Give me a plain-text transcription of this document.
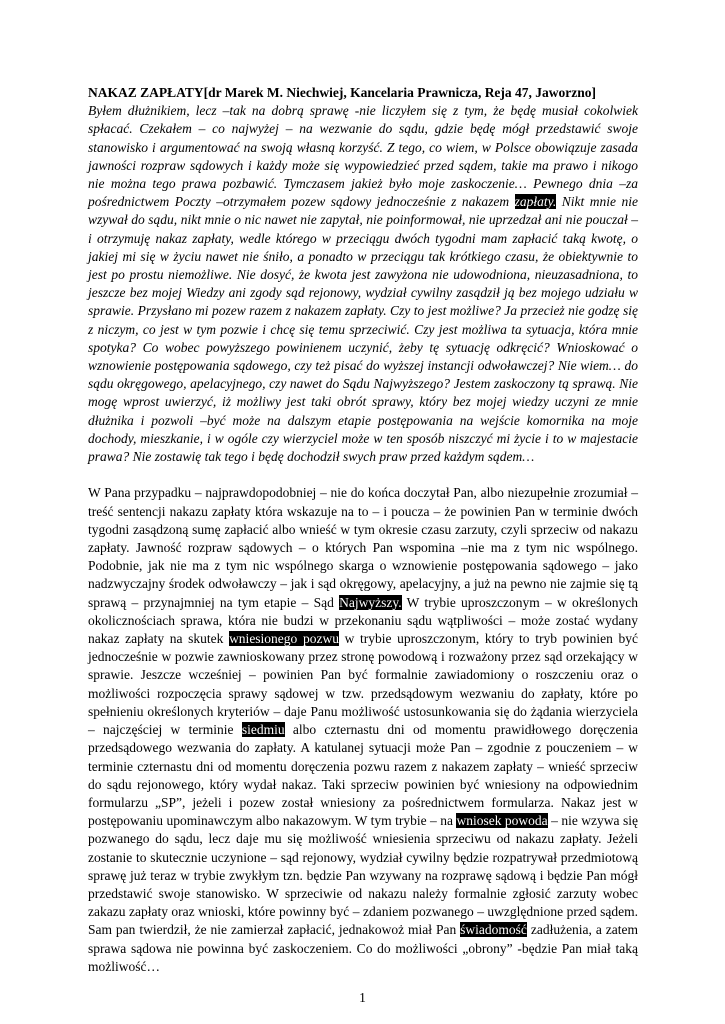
NAKAZ ZAPŁATY[dr Marek M. Niechwiej, Kancelaria Prawnicza, Reja 47, Jaworzno]

Byłem dłużnikiem, lecz –tak na dobrą sprawę -nie liczyłem się z tym, że będę musiał cokolwiek spłacać. Czekałem – co najwyżej – na wezwanie do sądu, gdzie będę mógł przedstawić swoje stanowisko i argumentować na swoją własną korzyść. Z tego, co wiem, w Polsce obowiązuje zasada jawności rozpraw sądowych i każdy może się wypowiedzieć przed sądem, takie ma prawo i nikogo nie można tego prawa pozbawić. Tymczasem jakież było moje zaskoczenie… Pewnego dnia –za pośrednictwem Poczty –otrzymałem pozew sądowy jednocześnie z nakazem zapłaty. Nikt mnie nie wzywał do sądu, nikt mnie o nic nawet nie zapytał, nie poinformował, nie uprzedzał ani nie pouczał – i otrzymuję nakaz zapłaty, wedle którego w przeciągu dwóch tygodni mam zapłacić taką kwotę, o jakiej mi się w życiu nawet nie śniło, a ponadto w przeciągu tak krótkiego czasu, że obiektywnie to jest po prostu niemożliwe. Nie dosyć, że kwota jest zawyżona nie udowodniona, nieuzasadniona, to jeszcze bez mojej Wiedzy ani zgody sąd rejonowy, wydział cywilny zasądził ją bez mojego udziału w sprawie. Przysłano mi pozew razem z nakazem zapłaty. Czy to jest możliwe? Ja przecież nie godzę się z niczym, co jest w tym pozwie i chcę się temu sprzeciwić. Czy jest możliwa ta sytuacja, która mnie spotyka? Co wobec powyższego powinienem uczynić, żeby tę sytuację odkręcić? Wnioskować o wznowienie postępowania sądowego, czy też pisać do wyższej instancji odwoławczej? Nie wiem… do sądu okręgowego, apelacyjnego, czy nawet do Sądu Najwyższego? Jestem zaskoczony tą sprawą. Nie mogę wprost uwierzyć, iż możliwy jest taki obrót sprawy, który bez mojej wiedzy uczyni ze mnie dłużnika i pozwoli –być może na dalszym etapie postępowania na wejście komornika na moje dochody, mieszkanie, i w ogóle czy wierzyciel może w ten sposób niszczyć mi życie i to w majestacie prawa? Nie zostawię tak tego i będę dochodził swych praw przed każdym sądem…

W Pana przypadku – najprawdopodobniej – nie do końca doczytał Pan, albo niezupełnie zrozumiał – treść sentencji nakazu zapłaty która wskazuje na to – i poucza – że powinien Pan w terminie dwóch tygodni zasądzoną sumę zapłacić albo wnieść w tym okresie czasu zarzuty, czyli sprzeciw od nakazu zapłaty. Jawność rozpraw sądowych – o których Pan wspomina –nie ma z tym nic wspólnego. Podobnie, jak nie ma z tym nic wspólnego skarga o wznowienie postępowania sądowego – jako nadzwyczajny środek odwoławczy – jak i sąd okręgowy, apelacyjny, a już na pewno nie zajmie się tą sprawą – przynajmniej na tym etapie – Sąd Najwyższy. W trybie uproszczonym – w określonych okolicznościach sprawa, która nie budzi w przekonaniu sądu wątpliwości – może zostać wydany nakaz zapłaty na skutek wniesionego pozwu w trybie uproszczonym, który to tryb powinien być jednocześnie w pozwie zawnioskowany przez stronę powodową i rozważony przez sąd orzekający w sprawie. Jeszcze wcześniej – powinien Pan być formalnie zawiadomiony o roszczeniu oraz o możliwości rozpoczęcia sprawy sądowej w tzw. przedsądowym wezwaniu do zapłaty, które po spełnieniu określonych kryteriów – daje Panu możliwość ustosunkowania się do żądania wierzyciela – najczęściej w terminie siedmiu albo czternastu dni od momentu prawidłowego doręczenia przedsądowego wezwania do zapłaty. A katulanej sytuacji może Pan – zgodnie z pouczeniem – w terminie czternastu dni od momentu doręczenia pozwu razem z nakazem zapłaty – wnieść sprzeciw do sądu rejonowego, który wydał nakaz. Taki sprzeciw powinien być wniesiony na odpowiednim formularzu „SP”, jeżeli i pozew został wniesiony za pośrednictwem formularza. Nakaz jest w postępowaniu upominawczym albo nakazowym. W tym trybie – na wniosek powoda – nie wzywa się pozwanego do sądu, lecz daje mu się możliwość wniesienia sprzeciwu od nakazu zapłaty. Jeżeli zostanie to skutecznie uczynione – sąd rejonowy, wydział cywilny będzie rozpatrywał przedmiotową sprawę już teraz w trybie zwykłym tzn. będzie Pan wzywany na rozprawę sądową i będzie Pan mógł przedstawić swoje stanowisko. W sprzeciwie od nakazu należy formalnie zgłosić zarzuty wobec zakazu zapłaty oraz wnioski, które powinny być – zdaniem pozwanego – uwzględnione przed sądem. Sam pan twierdził, że nie zamierzał zapłacić, jednakowoż miał Pan świadomość zadłużenia, a zatem sprawa sądowa nie powinna być zaskoczeniem. Co do możliwości „obrony” -będzie Pan miał taką możliwość…

1
